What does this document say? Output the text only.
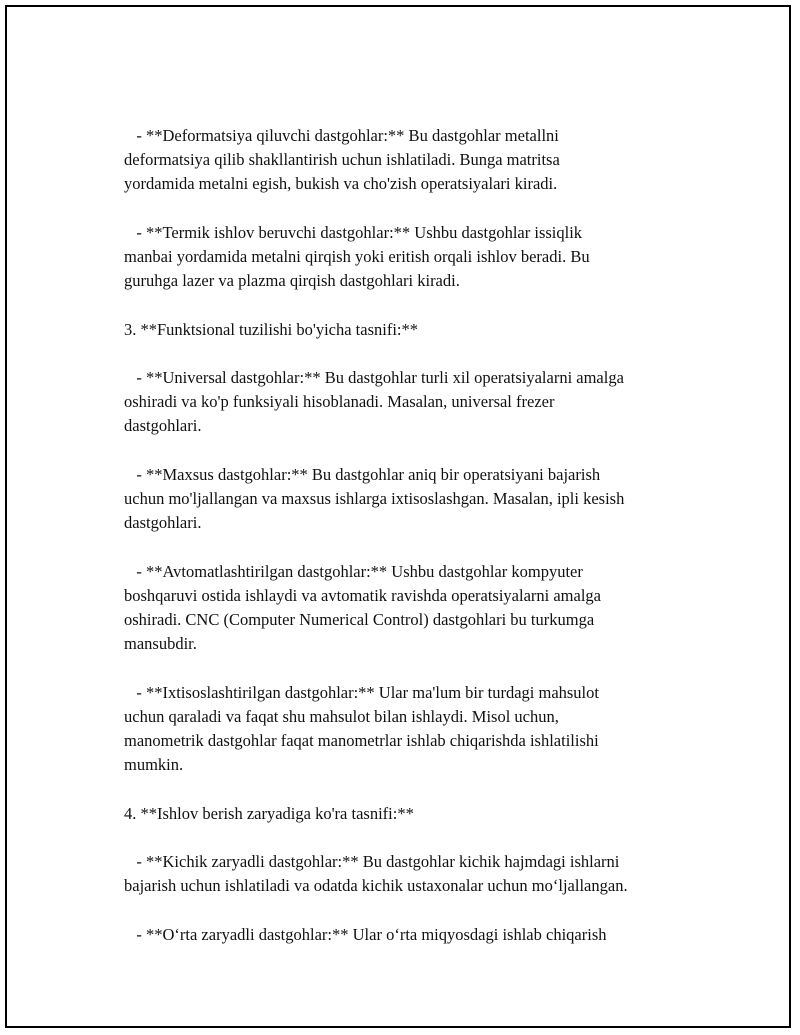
- **Deformatsiya qiluvchi dastgohlar:** Bu dastgohlar metallni
deformatsiya qilib shakllantirish uchun ishlatiladi. Bunga matritsa
yordamida metalni egish, bukish va cho'zish operatsiyalari kiradi.

- **Termik ishlov beruvchi dastgohlar:** Ushbu dastgohlar issiqlik
manbai yordamida metalni qirqish yoki eritish orqali ishlov beradi. Bu
guruhga lazer va plazma qirqish dastgohlari kiradi.

3. **Funktsional tuzilishi bo'yicha tasnifi:**

- **Universal dastgohlar:** Bu dastgohlar turli xil operatsiyalarni amalga
oshiradi va ko'p funksiyali hisoblanadi. Masalan, universal frezer
dastgohlari.

- **Maxsus dastgohlar:** Bu dastgohlar aniq bir operatsiyani bajarish
uchun mo'ljallangan va maxsus ishlarga ixtisoslashgan. Masalan, ipli kesish
dastgohlari.

- **Avtomatlashtirilgan dastgohlar:** Ushbu dastgohlar kompyuter
boshqaruvi ostida ishlaydi va avtomatik ravishda operatsiyalarni amalga
oshiradi. CNC (Computer Numerical Control) dastgohlari bu turkumga
mansubdir.

- **Ixtisoslashtirilgan dastgohlar:** Ular ma'lum bir turdagi mahsulot
uchun qaraladi va faqat shu mahsulot bilan ishlaydi. Misol uchun,
manometrik dastgohlar faqat manometrlar ishlab chiqarishda ishlatilishi
mumkin.

4. **Ishlov berish zaryadiga ko'ra tasnifi:**

- **Kichik zaryadli dastgohlar:** Bu dastgohlar kichik hajmdagi ishlarni
bajarish uchun ishlatiladi va odatda kichik ustaxonalar uchun mo‘ljallangan.

- **O‘rta zaryadli dastgohlar:** Ular o‘rta miqyosdagi ishlab chiqarish
